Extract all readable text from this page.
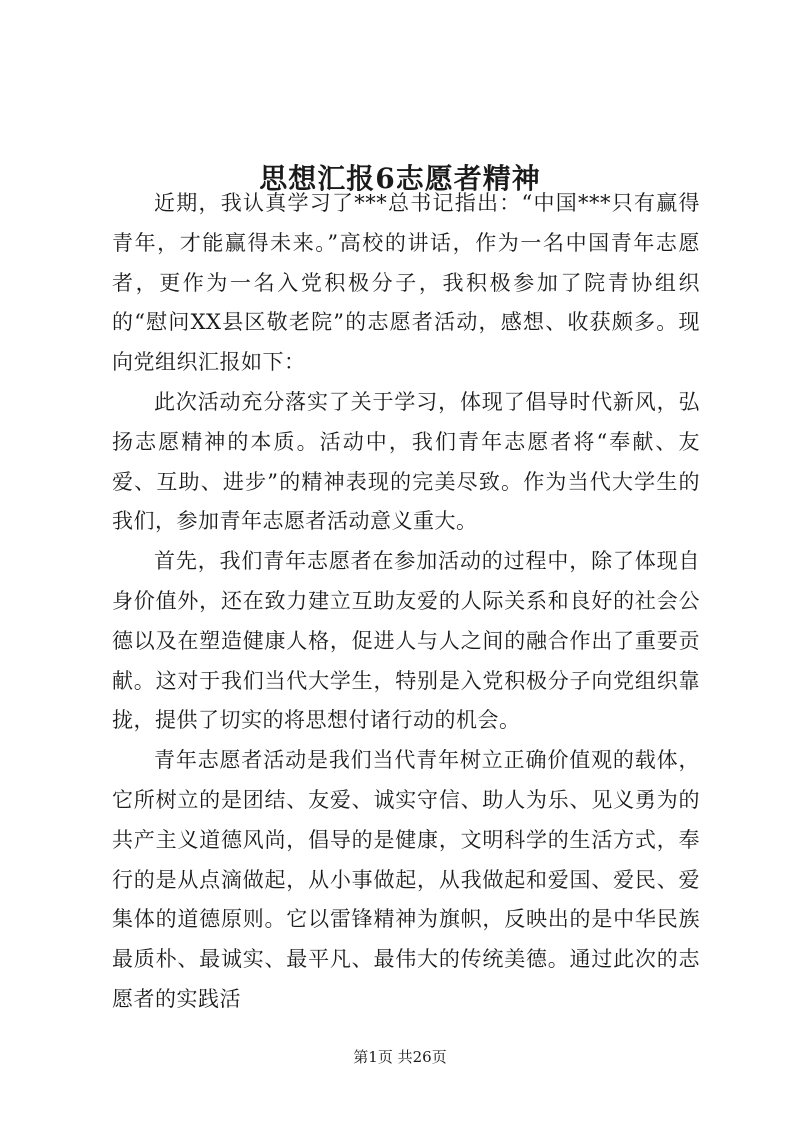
思想汇报6志愿者精神

近期，我认真学习了***总书记指出：“中国***只有赢得青年，才能赢得未来。”高校的讲话，作为一名中国青年志愿者，更作为一名入党积极分子，我积极参加了院青协组织的“慰问XX县区敬老院”的志愿者活动，感想、收获颇多。现向党组织汇报如下：

此次活动充分落实了关于学习，体现了倡导时代新风，弘扬志愿精神的本质。活动中，我们青年志愿者将“奉献、友爱、互助、进步”的精神表现的完美尽致。作为当代大学生的我们，参加青年志愿者活动意义重大。

首先，我们青年志愿者在参加活动的过程中，除了体现自身价值外，还在致力建立互助友爱的人际关系和良好的社会公德以及在塑造健康人格，促进人与人之间的融合作出了重要贡献。这对于我们当代大学生，特别是入党积极分子向党组织靠拢，提供了切实的将思想付诸行动的机会。

青年志愿者活动是我们当代青年树立正确价值观的载体，它所树立的是团结、友爱、诚实守信、助人为乐、见义勇为的共产主义道德风尚，倡导的是健康，文明科学的生活方式，奉行的是从点滴做起，从小事做起，从我做起和爱国、爱民、爱集体的道德原则。它以雷锋精神为旗帜，反映出的是中华民族最质朴、最诚实、最平凡、最伟大的传统美德。通过此次的志愿者的实践活

第1页 共26页
